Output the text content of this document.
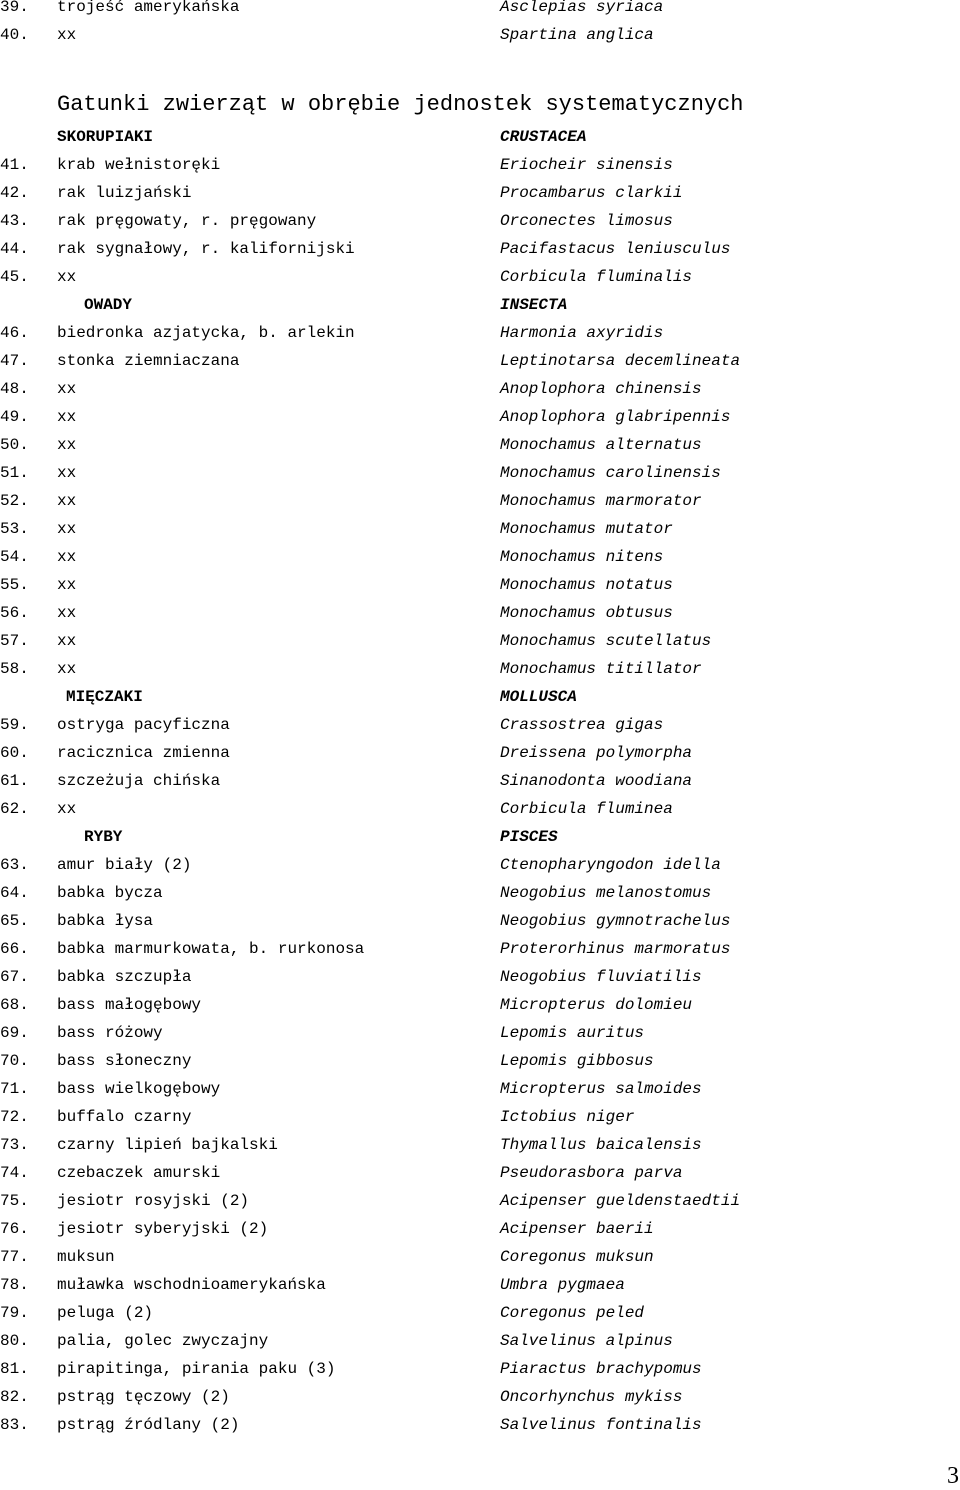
39. trojeść amerykańska	Asclepias syriaca
40. xx	Spartina anglica
Gatunki zwierząt w obrębie jednostek systematycznych
SKORUPIAKI	CRUSTACEA
41. krab wełnistoręki	Eriocheir sinensis
42. rak luizjański	Procambarus clarkii
43. rak pręgowaty, r. pręgowany	Orconectes limosus
44. rak sygnałowy, r. kalifornijski	Pacifastacus leniusculus
45. xx	Corbicula fluminalis
OWADY	INSECTA
46. biedronka azjatycka, b. arlekin	Harmonia axyridis
47. stonka ziemniaczana	Leptinotarsa decemlineata
48. xx	Anoplophora chinensis
49. xx	Anoplophora glabripennis
50. xx	Monochamus alternatus
51. xx	Monochamus carolinensis
52. xx	Monochamus marmorator
53. xx	Monochamus mutator
54. xx	Monochamus nitens
55. xx	Monochamus notatus
56. xx	Monochamus obtusus
57. xx	Monochamus scutellatus
58. xx	Monochamus titillator
MIĘCZAKI	MOLLUSCA
59. ostryga pacyficzna	Crassostrea gigas
60. racicznica zmienna	Dreissena polymorpha
61. szczeżuja chińska	Sinanodonta woodiana
62. xx	Corbicula fluminea
RYBY	PISCES
63. amur biały (2)	Ctenopharyngodon idella
64. babka bycza	Neogobius melanostomus
65. babka łysa	Neogobius gymnotrachelus
66. babka marmurkowata, b. rurkonosa	Proterorhinus marmoratus
67. babka szczupła	Neogobius fluviatilis
68. bass małogębowy	Micropterus dolomieu
69. bass różowy	Lepomis auritus
70. bass słoneczny	Lepomis gibbosus
71. bass wielkogębowy	Micropterus salmoides
72. buffalo czarny	Ictobius niger
73. czarny lipień bajkalski	Thymallus baicalensis
74. czebaczek amurski	Pseudorasbora parva
75. jesiotr rosyjski (2)	Acipenser gueldenstaedtii
76. jesiotr syberyjski (2)	Acipenser baerii
77. muksun	Coregonus muksun
78. muławka wschodnioamerykańska	Umbra pygmaea
79. peluga (2)	Coregonus peled
80. palia, golec zwyczajny	Salvelinus alpinus
81. pirapitinga, pirania paku (3)	Piaractus brachypomus
82. pstrąg tęczowy (2)	Oncorhynchus mykiss
83. pstrąg źródlany (2)	Salvelinus fontinalis
3
